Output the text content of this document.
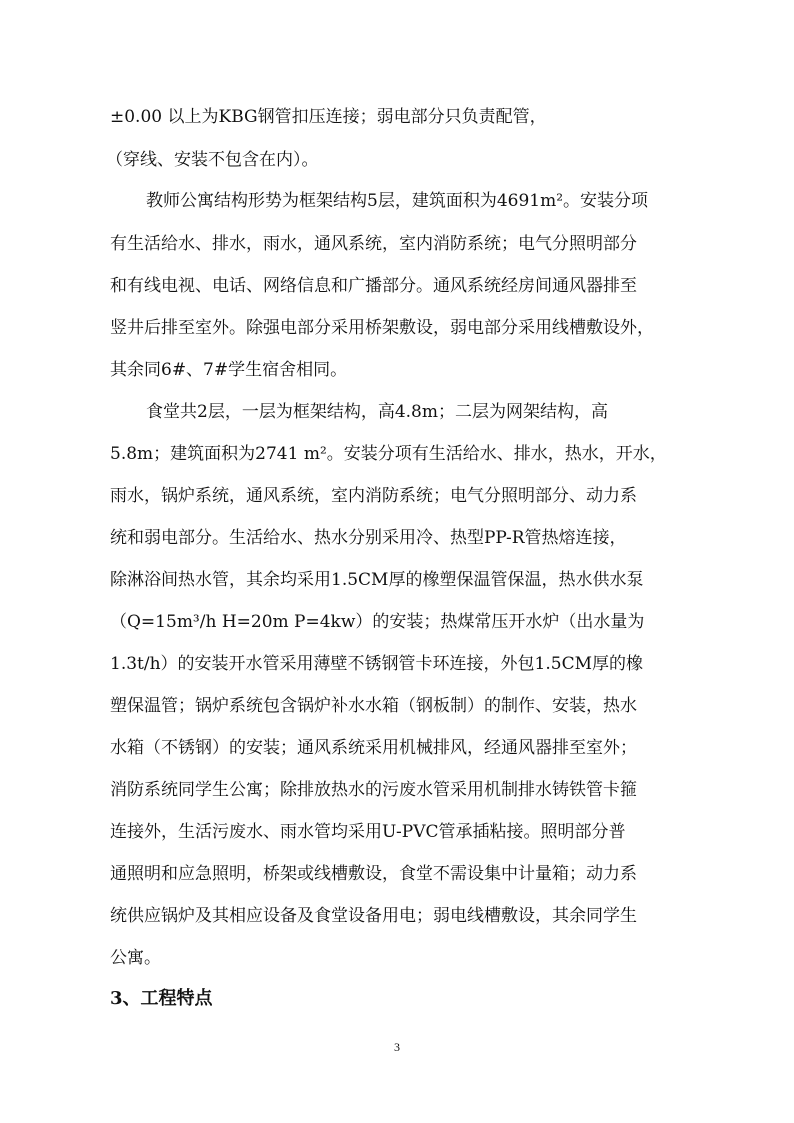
±0.00 以上为KBG钢管扣压连接；弱电部分只负责配管，
（穿线、安装不包含在内）。
教师公寓结构形势为框架结构5层，建筑面积为4691m²。安装分项
有生活给水、排水，雨水，通风系统，室内消防系统；电气分照明部分
和有线电视、电话、网络信息和广播部分。通风系统经房间通风器排至
竖井后排至室外。除强电部分采用桥架敷设，弱电部分采用线槽敷设外，
其余同6#、7#学生宿舍相同。
食堂共2层，一层为框架结构，高4.8m；二层为网架结构，高
5.8m；建筑面积为2741 m²。安装分项有生活给水、排水，热水，开水，
雨水，锅炉系统，通风系统，室内消防系统；电气分照明部分、动力系
统和弱电部分。生活给水、热水分别采用冷、热型PP-R管热熔连接，
除淋浴间热水管，其余均采用1.5CM厚的橡塑保温管保温，热水供水泵
（Q=15m³/h H=20m P=4kw）的安装；热煤常压开水炉（出水量为
1.3t/h）的安装开水管采用薄壁不锈钢管卡环连接，外包1.5CM厚的橡
塑保温管；锅炉系统包含锅炉补水水箱（钢板制）的制作、安装，热水
水箱（不锈钢）的安装；通风系统采用机械排风，经通风器排至室外；
消防系统同学生公寓；除排放热水的污废水管采用机制排水铸铁管卡箍
连接外，生活污废水、雨水管均采用U-PVC管承插粘接。照明部分普
通照明和应急照明，桥架或线槽敷设，食堂不需设集中计量箱；动力系
统供应锅炉及其相应设备及食堂设备用电；弱电线槽敷设，其余同学生
公寓。
3、工程特点
3
